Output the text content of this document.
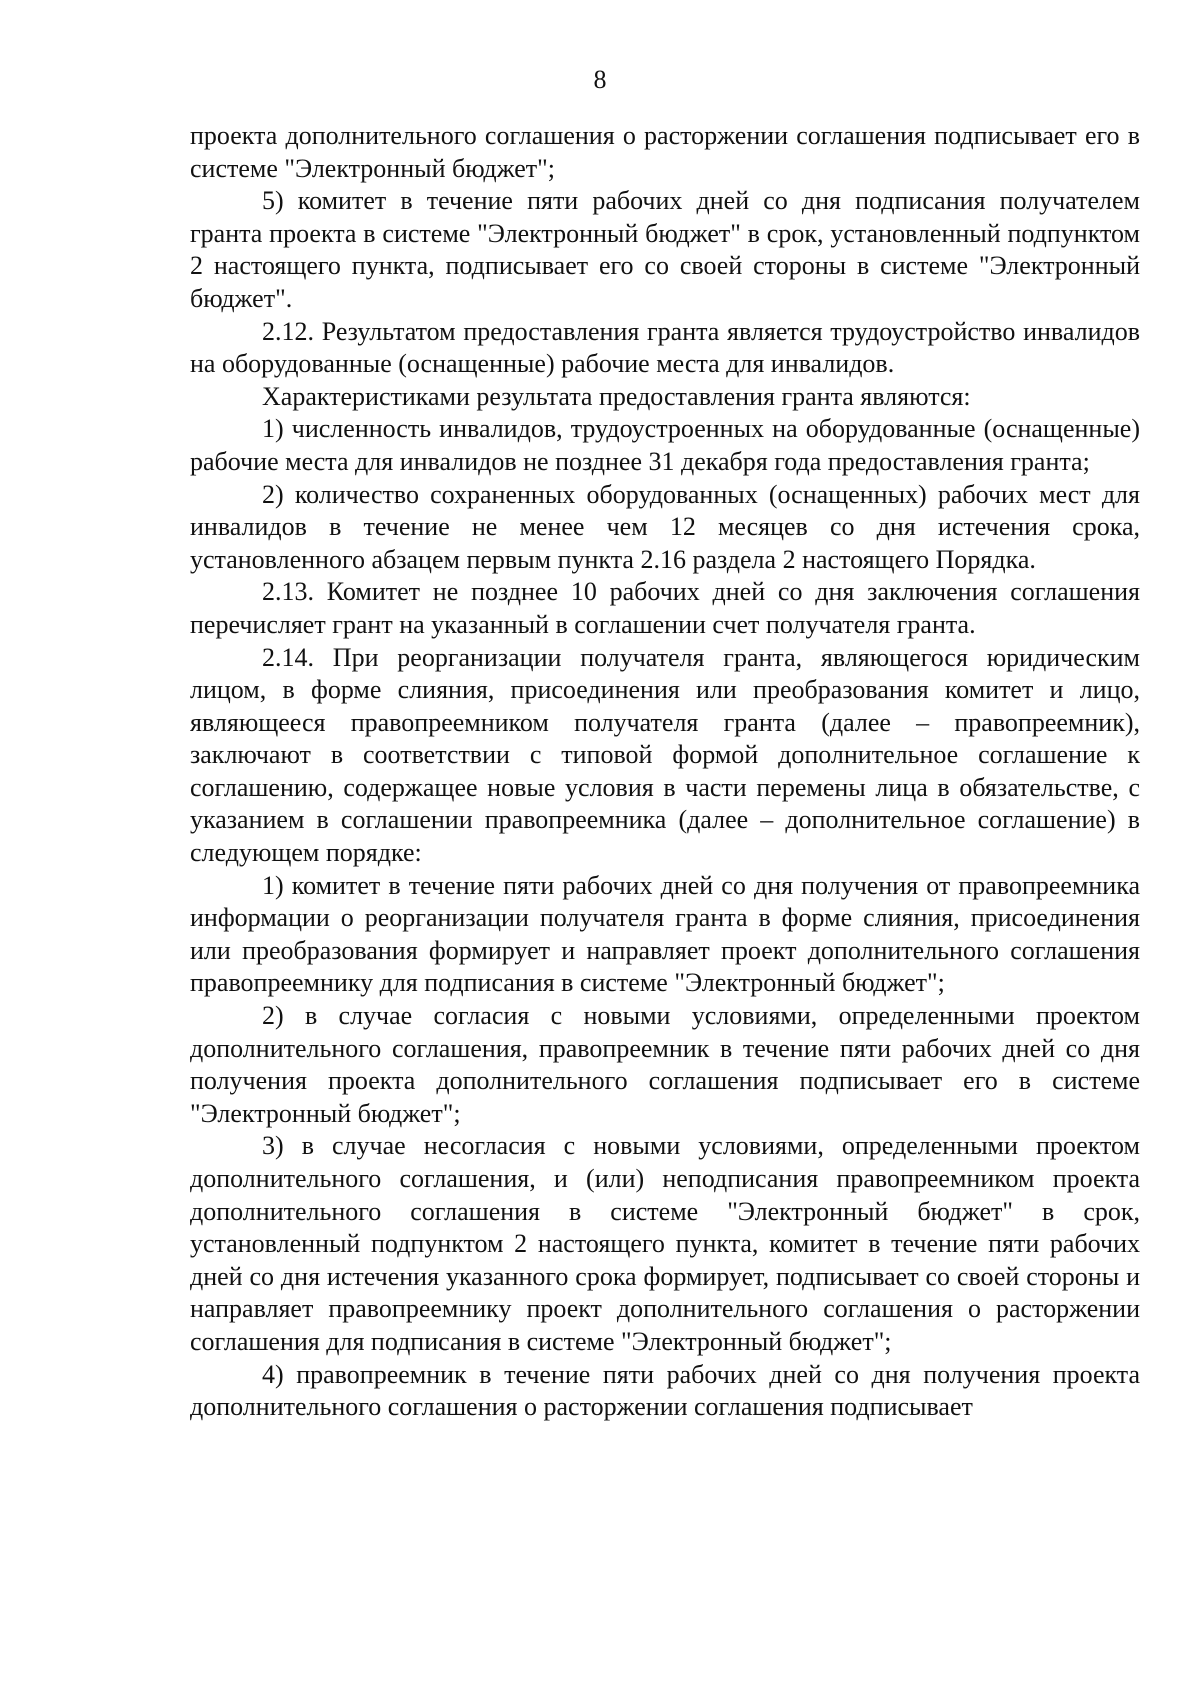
8

проекта дополнительного соглашения о расторжении соглашения подписывает его в системе "Электронный бюджет";

5) комитет в течение пяти рабочих дней со дня подписания получателем гранта проекта в системе "Электронный бюджет" в срок, установленный подпунктом 2 настоящего пункта, подписывает его со своей стороны в системе "Электронный бюджет".

2.12. Результатом предоставления гранта является трудоустройство инвалидов на оборудованные (оснащенные) рабочие места для инвалидов.

Характеристиками результата предоставления гранта являются:

1) численность инвалидов, трудоустроенных на оборудованные (оснащенные) рабочие места для инвалидов не позднее 31 декабря года предоставления гранта;

2) количество сохраненных оборудованных (оснащенных) рабочих мест для инвалидов в течение не менее чем 12 месяцев со дня истечения срока, установленного абзацем первым пункта 2.16 раздела 2 настоящего Порядка.

2.13. Комитет не позднее 10 рабочих дней со дня заключения соглашения перечисляет грант на указанный в соглашении счет получателя гранта.

2.14. При реорганизации получателя гранта, являющегося юридическим лицом, в форме слияния, присоединения или преобразования комитет и лицо, являющееся правопреемником получателя гранта (далее – правопреемник), заключают в соответствии с типовой формой дополнительное соглашение к соглашению, содержащее новые условия в части перемены лица в обязательстве, с указанием в соглашении правопреемника (далее – дополнительное соглашение) в следующем порядке:

1) комитет в течение пяти рабочих дней со дня получения от правопреемника информации о реорганизации получателя гранта в форме слияния, присоединения или преобразования формирует и направляет проект дополнительного соглашения правопреемнику для подписания в системе "Электронный бюджет";

2) в случае согласия с новыми условиями, определенными проектом дополнительного соглашения, правопреемник в течение пяти рабочих дней со дня получения проекта дополнительного соглашения подписывает его в системе "Электронный бюджет";

3) в случае несогласия с новыми условиями, определенными проектом дополнительного соглашения, и (или) неподписания правопреемником проекта дополнительного соглашения в системе "Электронный бюджет" в срок, установленный подпунктом 2 настоящего пункта, комитет в течение пяти рабочих дней со дня истечения указанного срока формирует, подписывает со своей стороны и направляет правопреемнику проект дополнительного соглашения о расторжении соглашения для подписания в системе "Электронный бюджет";

4) правопреемник в течение пяти рабочих дней со дня получения проекта дополнительного соглашения о расторжении соглашения подписывает
